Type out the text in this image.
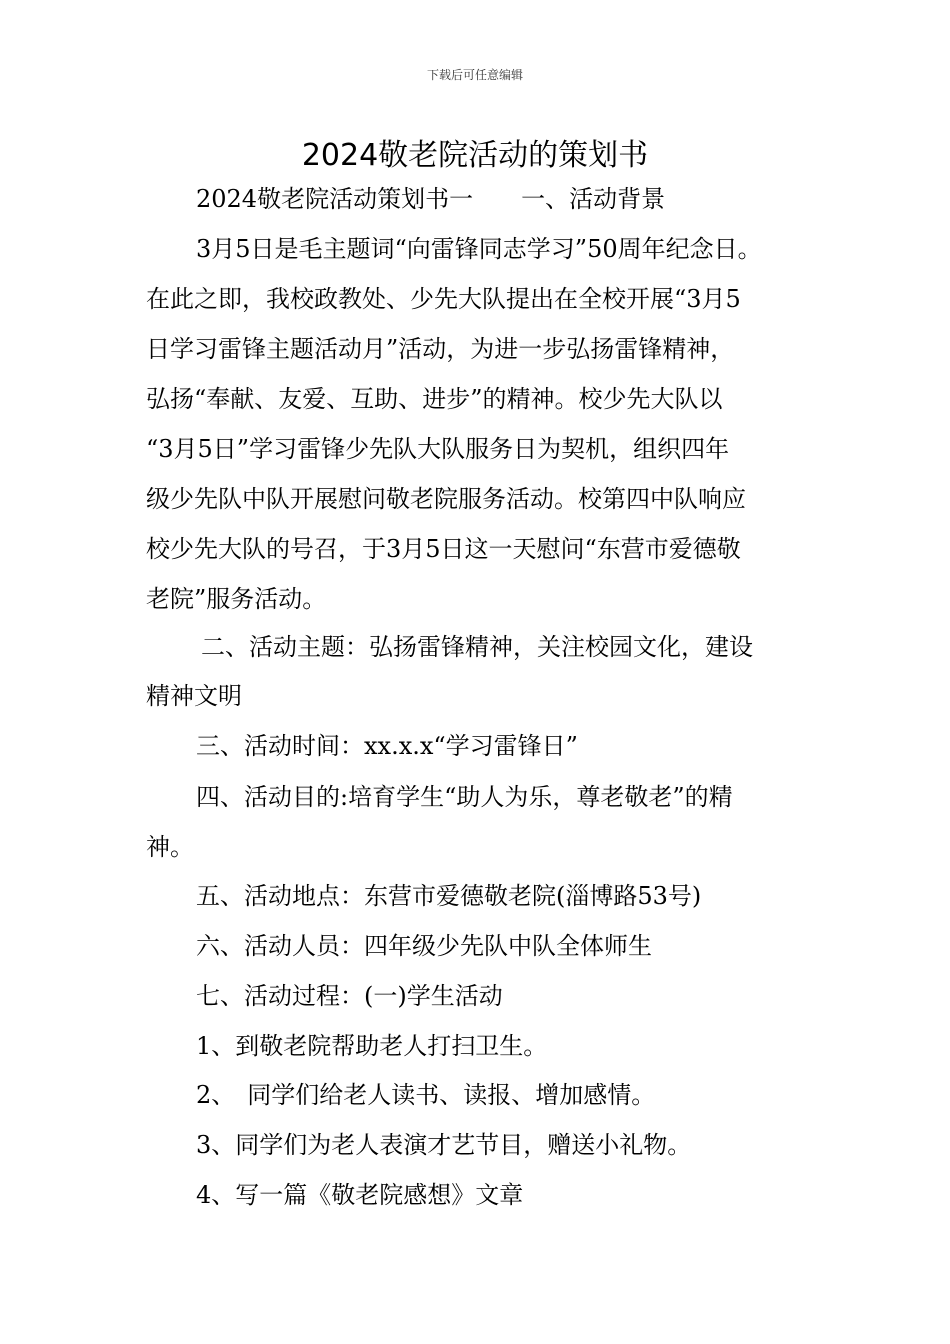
下载后可任意编辑
2024敬老院活动的策划书
2024敬老院活动策划书一　　一、活动背景
3月5日是毛主题词“向雷锋同志学习”50周年纪念日。
在此之即，我校政教处、少先大队提出在全校开展“3月5
日学习雷锋主题活动月”活动，为进一步弘扬雷锋精神，
弘扬“奉献、友爱、互助、进步”的精神。校少先大队以
“3月5日”学习雷锋少先队大队服务日为契机，组织四年
级少先队中队开展慰问敬老院服务活动。校第四中队响应
校少先大队的号召，于3月5日这一天慰问“东营市爱德敬
老院”服务活动。
二、活动主题：弘扬雷锋精神，关注校园文化，建设
精神文明
三、活动时间：xx.x.x“学习雷锋日”
四、活动目的:培育学生“助人为乐，尊老敬老”的精
神。
五、活动地点：东营市爱德敬老院(淄博路53号)
六、活动人员：四年级少先队中队全体师生
七、活动过程：(一)学生活动
1、到敬老院帮助老人打扫卫生。
2、　同学们给老人读书、读报、增加感情。
3、同学们为老人表演才艺节目，赠送小礼物。
4、写一篇《敬老院感想》文章
